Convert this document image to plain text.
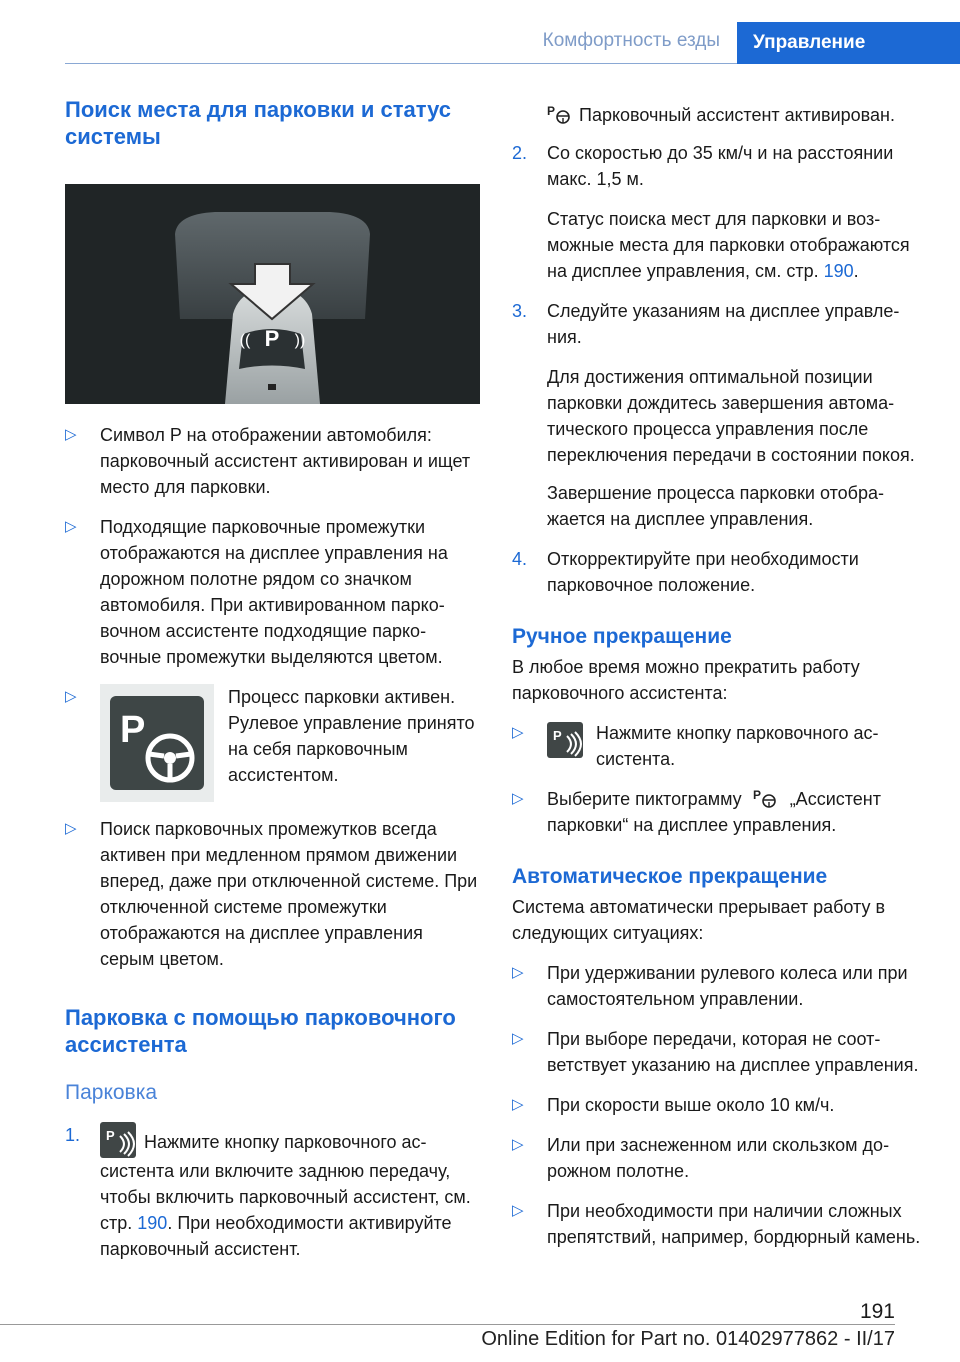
Комфортность езды	Управление
Поиск места для парковки и статус системы
P
((	))
▷ Символ P на отображении автомобиля: парковочный ассистент активирован и ищет место для парковки.
▷ Подходящие парковочные промежутки отображаются на дисплее управления на дорожном полотне рядом со значком автомобиля. При активированном парковочном ассистенте подходящие парковочные промежутки выделяются цветом.
▷
P
Процесс парковки активен. Рулевое управление принято на себя парковочным ассистентом.
▷ Поиск парковочных промежутков всегда активен при медленном прямом движении вперед, даже при отключенной системе. При отключенной системе промежутки отображаются на дисплее управления серым цветом.
Парковка с помощью парковочного ассистента
Парковка
1. P Нажмите кнопку парковочного ассистента или включите заднюю передачу, чтобы включить парковочный ассистент, см. стр. 190. При необходимости активируйте парковочный ассистент.
P Парковочный ассистент активирован.
2. Со скоростью до 35 км/ч и на расстоянии макс. 1,5 м.
Статус поиска мест для парковки и возможные места для парковки отображаются на дисплее управления, см. стр. 190.
3. Следуйте указаниям на дисплее управления.
Для достижения оптимальной позиции парковки дождитесь завершения автоматического процесса управления после переключения передачи в состоянии покоя.
Завершение процесса парковки отображается на дисплее управления.
4. Откорректируйте при необходимости парковочное положение.
Ручное прекращение
В любое время можно прекратить работу парковочного ассистента:
▷ P Нажмите кнопку парковочного ассистента.
▷ Выберите пиктограмму P „Ассистент парковки“ на дисплее управления.
Автоматическое прекращение
Система автоматически прерывает работу в следующих ситуациях:
▷ При удерживании рулевого колеса или при самостоятельном управлении.
▷ При выборе передачи, которая не соответствует указанию на дисплее управления.
▷ При скорости выше около 10 км/ч.
▷ Или при заснеженном или скользком дорожном полотне.
▷ При необходимости при наличии сложных препятствий, например, бордюрный камень.
191
Online Edition for Part no. 01402977862 - II/17
